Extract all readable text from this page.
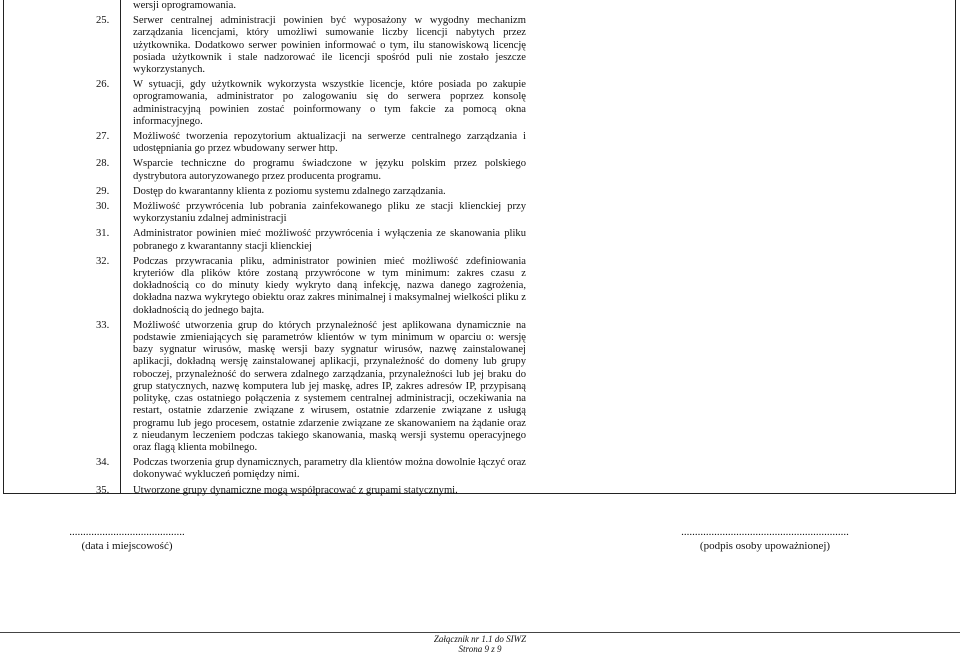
wersji oprogramowania.
25. Serwer centralnej administracji powinien być wyposażony w wygodny mechanizm zarządzania licencjami, który umożliwi sumowanie liczby licencji nabytych przez użytkownika. Dodatkowo serwer powinien informować o tym, ilu stanowiskową licencję posiada użytkownik i stale nadzorować ile licencji spośród puli nie zostało jeszcze wykorzystanych.
26. W sytuacji, gdy użytkownik wykorzysta wszystkie licencje, które posiada po zakupie oprogramowania, administrator po zalogowaniu się do serwera poprzez konsolę administracyjną powinien zostać poinformowany o tym fakcie za pomocą okna informacyjnego.
27. Możliwość tworzenia repozytorium aktualizacji na serwerze centralnego zarządzania i udostępniania go przez wbudowany serwer http.
28. Wsparcie techniczne do programu świadczone w języku polskim przez polskiego dystrybutora autoryzowanego przez producenta programu.
29. Dostęp do kwarantanny klienta z poziomu systemu zdalnego zarządzania.
30. Możliwość przywrócenia lub pobrania zainfekowanego pliku ze stacji klienckiej przy wykorzystaniu zdalnej administracji
31. Administrator powinien mieć możliwość przywrócenia i wyłączenia ze skanowania pliku pobranego z kwarantanny stacji klienckiej
32. Podczas przywracania pliku, administrator powinien mieć możliwość zdefiniowania kryteriów dla plików które zostaną przywrócone w tym minimum: zakres czasu z dokładnością co do minuty kiedy wykryto daną infekcję, nazwa danego zagrożenia, dokładna nazwa wykrytego obiektu oraz zakres minimalnej i maksymalnej wielkości pliku z dokładnością do jednego bajta.
33. Możliwość utworzenia grup do których przynależność jest aplikowana dynamicznie na podstawie zmieniających się parametrów klientów w tym minimum w oparciu o: wersję bazy sygnatur wirusów, maskę wersji bazy sygnatur wirusów, nazwę zainstalowanej aplikacji, dokładną wersję zainstalowanej aplikacji, przynależność do domeny lub grupy roboczej, przynależność do serwera zdalnego zarządzania, przynależności lub jej braku do grup statycznych, nazwę komputera lub jej maskę, adres IP, zakres adresów IP, przypisaną politykę, czas ostatniego połączenia z systemem centralnej administracji, oczekiwania na restart, ostatnie zdarzenie związane z wirusem, ostatnie zdarzenie związane z usługą programu lub jego procesem, ostatnie zdarzenie związane ze skanowaniem na żądanie oraz z nieudanym leczeniem podczas takiego skanowania, maską wersji systemu operacyjnego oraz flagą klienta mobilnego.
34. Podczas tworzenia grup dynamicznych, parametry dla klientów można dowolnie łączyć oraz dokonywać wykluczeń pomiędzy nimi.
35. Utworzone grupy dynamiczne mogą współpracować z grupami statycznymi.
..........................................
(data i miejscowość)
.............................................................
(podpis osoby upoważnionej)
Załącznik nr 1.1 do SIWZ
Strona 9 z 9
